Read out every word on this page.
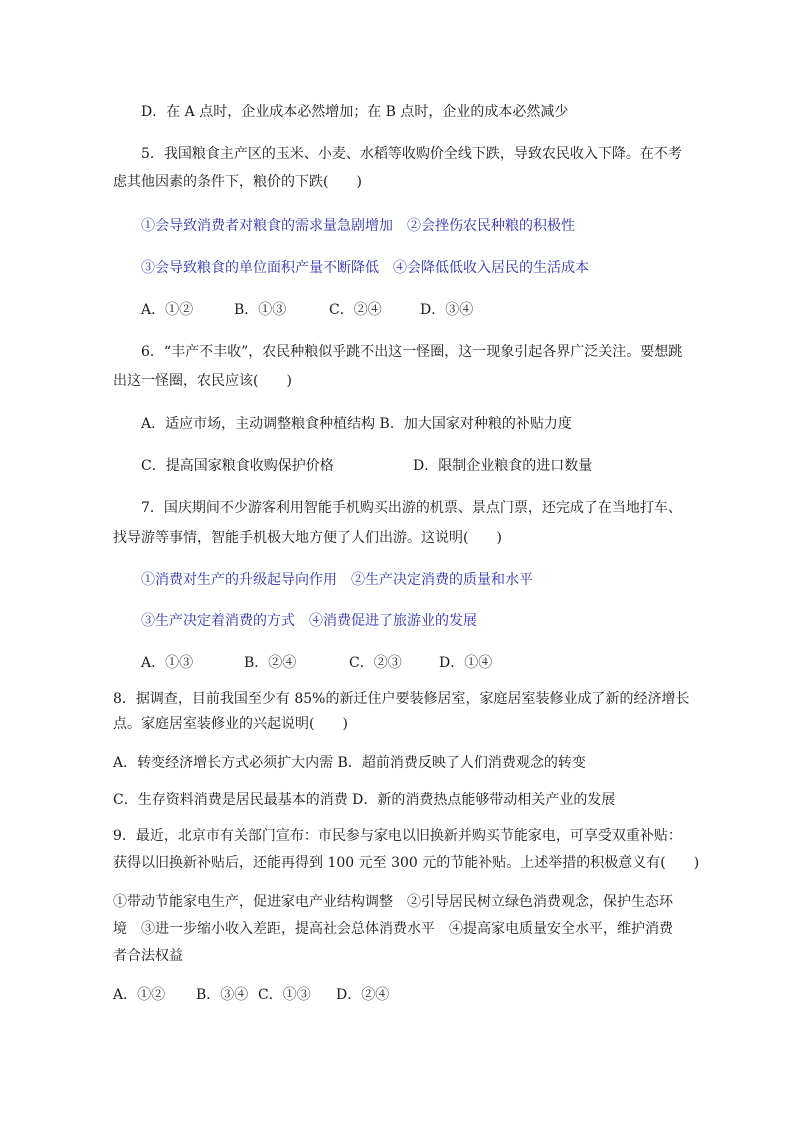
D．在 A 点时，企业成本必然增加；在 B 点时，企业的成本必然减少
5．我国粮食主产区的玉米、小麦、水稻等收购价全线下跌，导致农民收入下降。在不考
虑其他因素的条件下，粮价的下跌(　　)
①会导致消费者对粮食的需求量急剧增加　②会挫伤农民种粮的积极性
③会导致粮食的单位面积产量不断降低　④会降低低收入居民的生活成本
A．①②	B．①③	C．②④	D．③④
6．“丰产不丰收”，农民种粮似乎跳不出这一怪圈，这一现象引起各界广泛关注。要想跳
出这一怪圈，农民应该(　　)
A．适应市场，主动调整粮食种植结构 B．加大国家对种粮的补贴力度
C．提高国家粮食收购保护价格	D．限制企业粮食的进口数量
7．国庆期间不少游客利用智能手机购买出游的机票、景点门票，还完成了在当地打车、
找导游等事情，智能手机极大地方便了人们出游。这说明(　　)
①消费对生产的升级起导向作用　②生产决定消费的质量和水平
③生产决定着消费的方式　④消费促进了旅游业的发展
A．①③	B．②④	C．②③	D．①④
8．据调查，目前我国至少有 85%的新迁住户要装修居室，家庭居室装修业成了新的经济增长
点。家庭居室装修业的兴起说明(　　)
A．转变经济增长方式必须扩大内需 B．超前消费反映了人们消费观念的转变
C．生存资料消费是居民最基本的消费 D．新的消费热点能够带动相关产业的发展
9．最近，北京市有关部门宣布：市民参与家电以旧换新并购买节能家电，可享受双重补贴：
获得以旧换新补贴后，还能再得到 100 元至 300 元的节能补贴。上述举措的积极意义有(　　)
①带动节能家电生产，促进家电产业结构调整　②引导居民树立绿色消费观念，保护生态环
境　③进一步缩小收入差距，提高社会总体消费水平　④提高家电质量安全水平，维护消费
者合法权益
A．①② B．③④ C．①③ D．②④
